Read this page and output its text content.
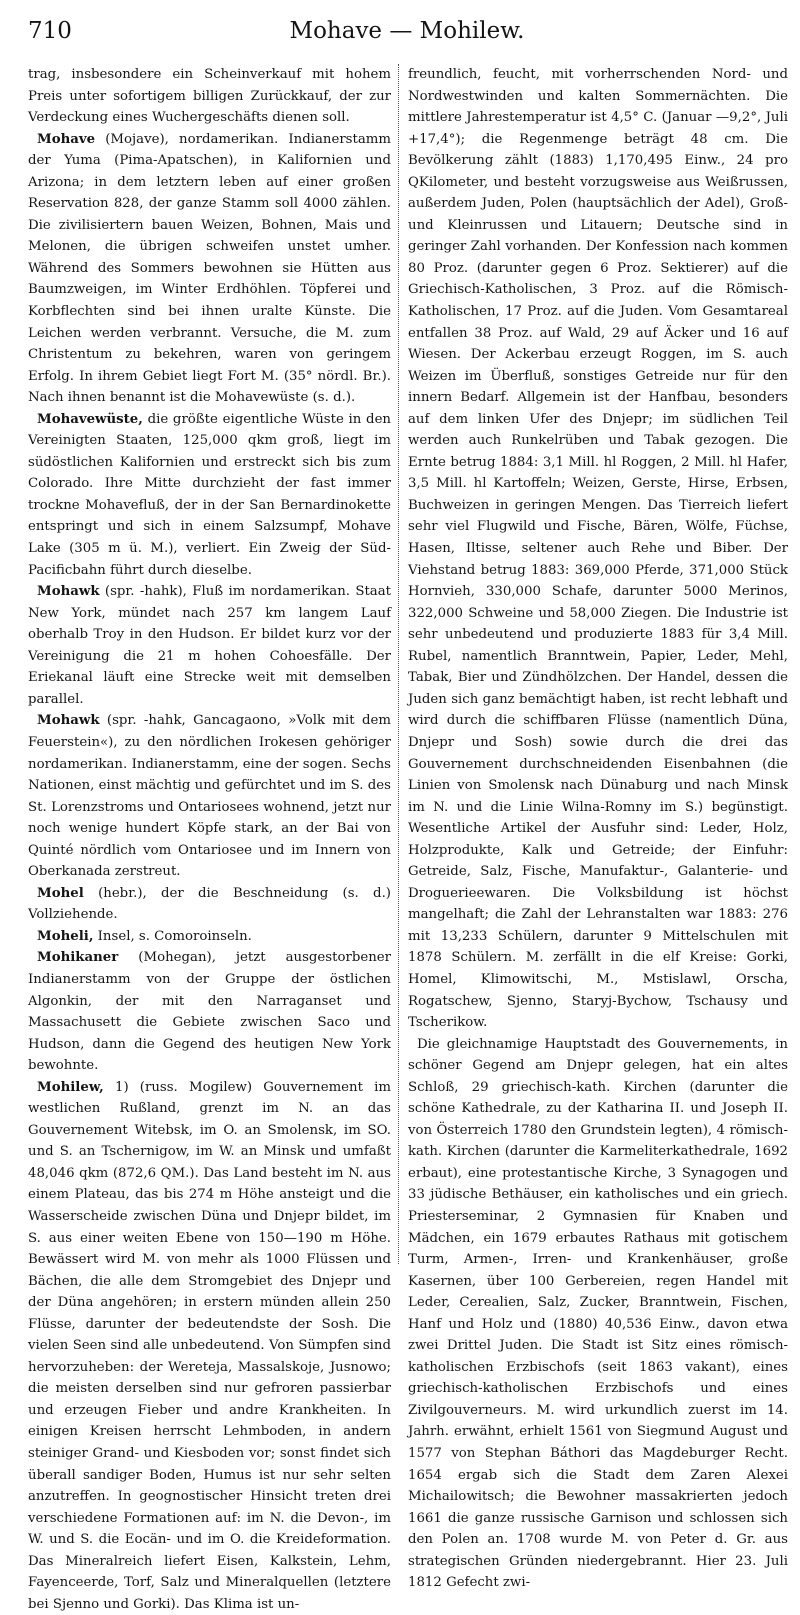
710	Mohave — Mohilew.

trag, insbesondere ein Scheinverkauf mit hohem Preis unter sofortigem billigen Zurückkauf, der zur Verdeckung eines Wuchergeschäfts dienen soll.

Mohave (Mojave), nordamerikan. Indianerstamm der Yuma (Pima-Apatschen), in Kalifornien und Arizona; in dem letztern leben auf einer großen Reservation 828, der ganze Stamm soll 4000 zählen. Die zivilisiertern bauen Weizen, Bohnen, Mais und Melonen, die übrigen schweifen unstet umher. Während des Sommers bewohnen sie Hütten aus Baumzweigen, im Winter Erdhöhlen. Töpferei und Korbflechten sind bei ihnen uralte Künste. Die Leichen werden verbrannt. Versuche, die M. zum Christentum zu bekehren, waren von geringem Erfolg. In ihrem Gebiet liegt Fort M. (35° nördl. Br.). Nach ihnen benannt ist die Mohavewüste (s. d.).

Mohavewüste, die größte eigentliche Wüste in den Vereinigten Staaten, 125,000 qkm groß, liegt im südöstlichen Kalifornien und erstreckt sich bis zum Colorado. Ihre Mitte durchzieht der fast immer trockne Mohavefluß, der in der San Bernardinokette entspringt und sich in einem Salzsumpf, Mohave Lake (305 m ü. M.), verliert. Ein Zweig der Süd-Pacificbahn führt durch dieselbe.

Mohawk (spr. -hahk), Fluß im nordamerikan. Staat New York, mündet nach 257 km langem Lauf oberhalb Troy in den Hudson. Er bildet kurz vor der Vereinigung die 21 m hohen Cohoesfälle. Der Eriekanal läuft eine Strecke weit mit demselben parallel.

Mohawk (spr. -hahk, Gancagaono, »Volk mit dem Feuerstein«), zu den nördlichen Irokesen gehöriger nordamerikan. Indianerstamm, eine der sogen. Sechs Nationen, einst mächtig und gefürchtet und im S. des St. Lorenzstroms und Ontariosees wohnend, jetzt nur noch wenige hundert Köpfe stark, an der Bai von Quinté nördlich vom Ontariosee und im Innern von Oberkanada zerstreut.

Mohel (hebr.), der die Beschneidung (s. d.) Vollziehende.

Moheli, Insel, s. Comoroinseln.

Mohikaner (Mohegan), jetzt ausgestorbener Indianerstamm von der Gruppe der östlichen Algonkin, der mit den Narraganset und Massachusett die Gebiete zwischen Saco und Hudson, dann die Gegend des heutigen New York bewohnte.

Mohilew, 1) (russ. Mogilew) Gouvernement im westlichen Rußland, grenzt im N. an das Gouvernement Witebsk, im O. an Smolensk, im SO. und S. an Tschernigow, im W. an Minsk und umfaßt 48,046 qkm (872,6 QM.). Das Land besteht im N. aus einem Plateau, das bis 274 m Höhe ansteigt und die Wasserscheide zwischen Düna und Dnjepr bildet, im S. aus einer weiten Ebene von 150—190 m Höhe. Bewässert wird M. von mehr als 1000 Flüssen und Bächen, die alle dem Stromgebiet des Dnjepr und der Düna angehören; in erstern münden allein 250 Flüsse, darunter der bedeutendste der Sosh. Die vielen Seen sind alle unbedeutend. Von Sümpfen sind hervorzuheben: der Wereteja, Massalskoje, Jusnowo; die meisten derselben sind nur gefroren passierbar und erzeugen Fieber und andre Krankheiten. In einigen Kreisen herrscht Lehmboden, in andern steiniger Grand- und Kiesboden vor; sonst findet sich überall sandiger Boden, Humus ist nur sehr selten anzutreffen. In geognostischer Hinsicht treten drei verschiedene Formationen auf: im N. die Devon-, im W. und S. die Eocän- und im O. die Kreideformation. Das Mineralreich liefert Eisen, Kalkstein, Lehm, Fayenceerde, Torf, Salz und Mineralquellen (letztere bei Sjenno und Gorki). Das Klima ist un-

freundlich, feucht, mit vorherrschenden Nord- und Nordwestwinden und kalten Sommernächten. Die mittlere Jahrestemperatur ist 4,5° C. (Januar —9,2°, Juli +17,4°); die Regenmenge beträgt 48 cm. Die Bevölkerung zählt (1883) 1,170,495 Einw., 24 pro QKilometer, und besteht vorzugsweise aus Weißrussen, außerdem Juden, Polen (hauptsächlich der Adel), Groß- und Kleinrussen und Litauern; Deutsche sind in geringer Zahl vorhanden. Der Konfession nach kommen 80 Proz. (darunter gegen 6 Proz. Sektierer) auf die Griechisch-Katholischen, 3 Proz. auf die Römisch-Katholischen, 17 Proz. auf die Juden. Vom Gesamtareal entfallen 38 Proz. auf Wald, 29 auf Äcker und 16 auf Wiesen. Der Ackerbau erzeugt Roggen, im S. auch Weizen im Überfluß, sonstiges Getreide nur für den innern Bedarf. Allgemein ist der Hanfbau, besonders auf dem linken Ufer des Dnjepr; im südlichen Teil werden auch Runkelrüben und Tabak gezogen. Die Ernte betrug 1884: 3,1 Mill. hl Roggen, 2 Mill. hl Hafer, 3,5 Mill. hl Kartoffeln; Weizen, Gerste, Hirse, Erbsen, Buchweizen in geringen Mengen. Das Tierreich liefert sehr viel Flugwild und Fische, Bären, Wölfe, Füchse, Hasen, Iltisse, seltener auch Rehe und Biber. Der Viehstand betrug 1883: 369,000 Pferde, 371,000 Stück Hornvieh, 330,000 Schafe, darunter 5000 Merinos, 322,000 Schweine und 58,000 Ziegen. Die Industrie ist sehr unbedeutend und produzierte 1883 für 3,4 Mill. Rubel, namentlich Branntwein, Papier, Leder, Mehl, Tabak, Bier und Zündhölzchen. Der Handel, dessen die Juden sich ganz bemächtigt haben, ist recht lebhaft und wird durch die schiffbaren Flüsse (namentlich Düna, Dnjepr und Sosh) sowie durch die drei das Gouvernement durchschneidenden Eisenbahnen (die Linien von Smolensk nach Dünaburg und nach Minsk im N. und die Linie Wilna-Romny im S.) begünstigt. Wesentliche Artikel der Ausfuhr sind: Leder, Holz, Holzprodukte, Kalk und Getreide; der Einfuhr: Getreide, Salz, Fische, Manufaktur-, Galanterie- und Droguerieewaren. Die Volksbildung ist höchst mangelhaft; die Zahl der Lehranstalten war 1883: 276 mit 13,233 Schülern, darunter 9 Mittelschulen mit 1878 Schülern. M. zerfällt in die elf Kreise: Gorki, Homel, Klimowitschi, M., Mstislawl, Orscha, Rogatschew, Sjenno, Staryj-Bychow, Tschausy und Tscherikow.

Die gleichnamige Hauptstadt des Gouvernements, in schöner Gegend am Dnjepr gelegen, hat ein altes Schloß, 29 griechisch-kath. Kirchen (darunter die schöne Kathedrale, zu der Katharina II. und Joseph II. von Österreich 1780 den Grundstein legten), 4 römisch-kath. Kirchen (darunter die Karmeliterkathedrale, 1692 erbaut), eine protestantische Kirche, 3 Synagogen und 33 jüdische Bethäuser, ein katholisches und ein griech. Priesterseminar, 2 Gymnasien für Knaben und Mädchen, ein 1679 erbautes Rathaus mit gotischem Turm, Armen-, Irren- und Krankenhäuser, große Kasernen, über 100 Gerbereien, regen Handel mit Leder, Cerealien, Salz, Zucker, Branntwein, Fischen, Hanf und Holz und (1880) 40,536 Einw., davon etwa zwei Drittel Juden. Die Stadt ist Sitz eines römisch-katholischen Erzbischofs (seit 1863 vakant), eines griechisch-katholischen Erzbischofs und eines Zivilgouverneurs. M. wird urkundlich zuerst im 14. Jahrh. erwähnt, erhielt 1561 von Siegmund August und 1577 von Stephan Báthori das Magdeburger Recht. 1654 ergab sich die Stadt dem Zaren Alexei Michailowitsch; die Bewohner massakrierten jedoch 1661 die ganze russische Garnison und schlossen sich den Polen an. 1708 wurde M. von Peter d. Gr. aus strategischen Gründen niedergebrannt. Hier 23. Juli 1812 Gefecht zwi-
